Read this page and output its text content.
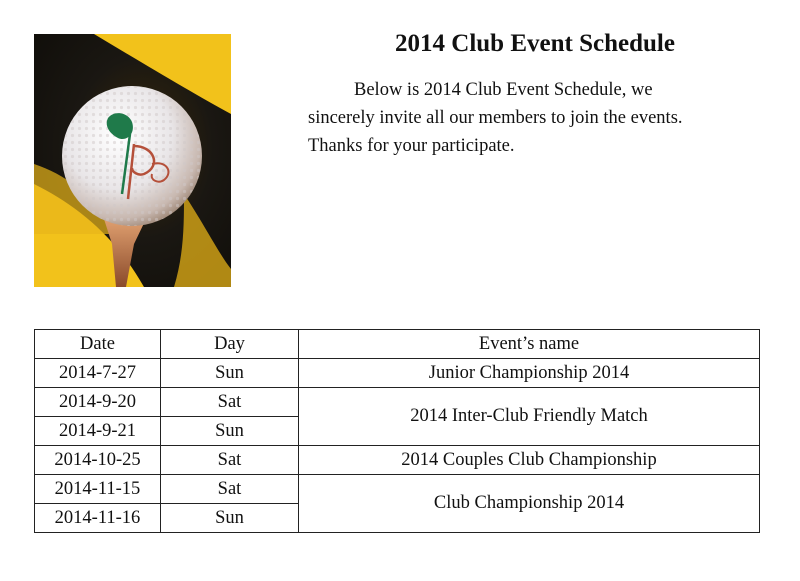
2014 Club Event Schedule

Below is 2014 Club Event Schedule, we

sincerely invite all our members to join the events.

Thanks for your participate.

Date	Day	Event’s name
2014-7-27	Sun	Junior Championship 2014
2014-9-20	Sat	2014 Inter-Club Friendly Match
2014-9-21	Sun	
2014-10-25	Sat	2014 Couples Club Championship
2014-11-15	Sat	Club Championship 2014
2014-11-16	Sun	
